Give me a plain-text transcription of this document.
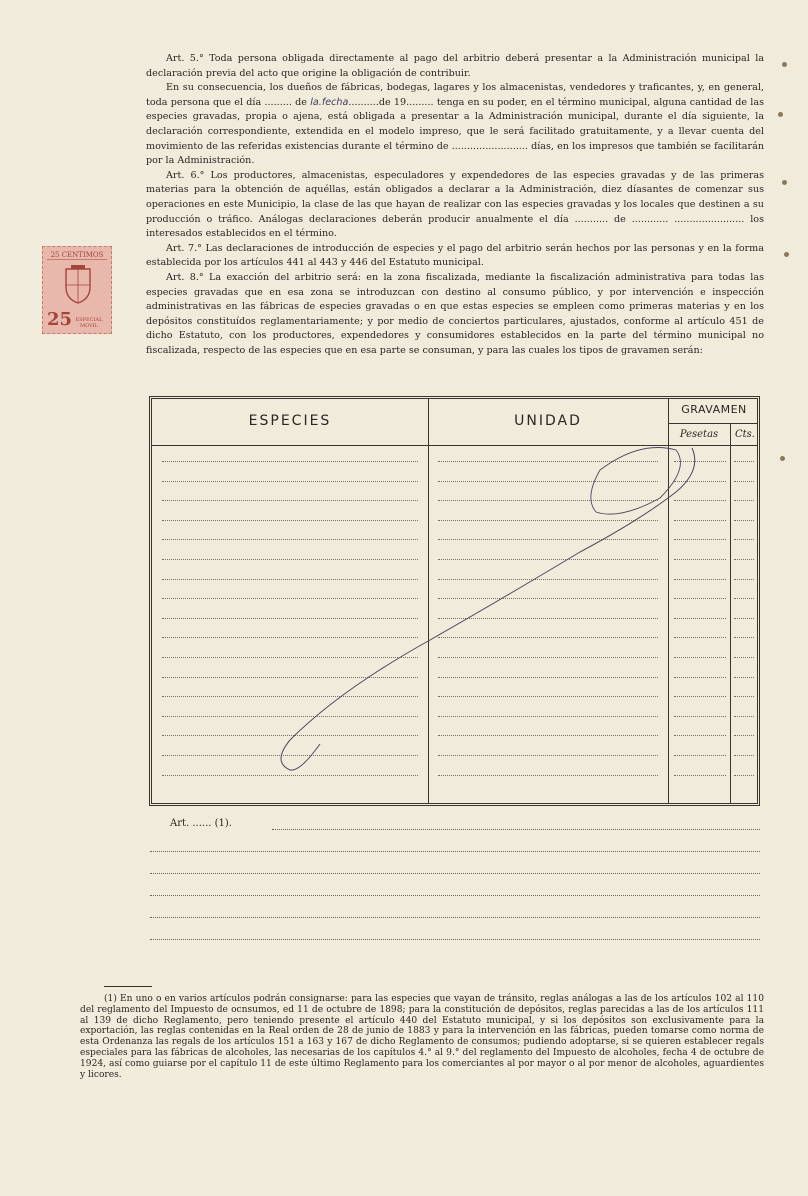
25 CENTIMOS
25 ESPECIAL MOVIL

Art. 5.° Toda persona obligada directamente al pago del arbitrio deberá presentar a la Administración municipal la declaración previa del acto que origine la obligación de contribuir.

En su consecuencia, los dueños de fábricas, bodegas, lagares y los almacenistas, vendedores y traficantes, y, en general, toda persona que el día ......... de la.fecha..........de 19......... tenga en su poder, en el término municipal, alguna cantidad de las especies gravadas, propia o ajena, está obligada a presentar a la Administración municipal, durante el día siguiente, la declaración correspondiente, extendida en el modelo impreso, que le será facilitado gratuitamente, y a llevar cuenta del movimiento de las referidas existencias durante el término de ......................... días, en los impresos que también se facilitarán por la Administración.

Art. 6.° Los productores, almacenistas, especuladores y expendedores de las especies gravadas y de las primeras materias para la obtención de aquéllas, están obligados a declarar a la Administración, diez díasantes de comenzar sus operaciones en este Municipio, la clase de las que hayan de realizar con las especies gravadas y los locales que destinen a su producción o tráfico. Análogas declaraciones deberán producir anualmente el día ........... de ............ ....................... los interesados establecidos en el término.

Art. 7.° Las declaraciones de introducción de especies y el pago del arbitrio serán hechos por las personas y en la forma establecida por los artículos 441 al 443 y 446 del Estatuto municipal.

Art. 8.° La exacción del arbitrio será: en la zona fiscalizada, mediante la fiscalización administrativa para todas las especies gravadas que en esa zona se introduzcan con destino al consumo público, y por intervención e inspección administrativas en las fábricas de especies gravadas o en que estas especies se empleen como primeras materias y en los depósitos constituídos reglamentariamente; y por medio de conciertos particulares, ajustados, conforme al artículo 451 de dicho Estatuto, con los productores, expendedores y consumidores establecidos en la parte del término municipal no fiscalizada, respecto de las especies que en esa parte se consuman, y para las cuales los tipos de gravamen serán:

ESPECIES	UNIDAD
GRAVAMEN
Pesetas	Cts.
Art. ...... (1).

(1) En uno o en varios artículos podrán consignarse: para las especies que vayan de tránsito, reglas análogas a las de los artículos 102 al 110 del reglamento del Impuesto de ocnsumos, ed 11 de octubre de 1898; para la constitución de depósitos, reglas parecidas a las de los artículos 111 al 139 de dicho Reglamento, pero teniendo presente el artículo 440 del Estatuto municipal, y si los depósitos son exclusivamente para la exportación, las reglas contenidas en la Real orden de 28 de junio de 1883 y para la intervención en las fábricas, pueden tomarse como norma de esta Ordenanza las regals de los artículos 151 a 163 y 167 de dicho Reglamento de consumos; pudiendo adoptarse, si se quieren establecer regals especiales para las fábricas de alcoholes, las necesarias de los capítulos 4.° al 9.° del reglamento del Impuesto de alcoholes, fecha 4 de octubre de 1924, así como guiarse por el capítulo 11 de este último Reglamento para los comerciantes al por mayor o al por menor de alcoholes, aguardientes y licores.
